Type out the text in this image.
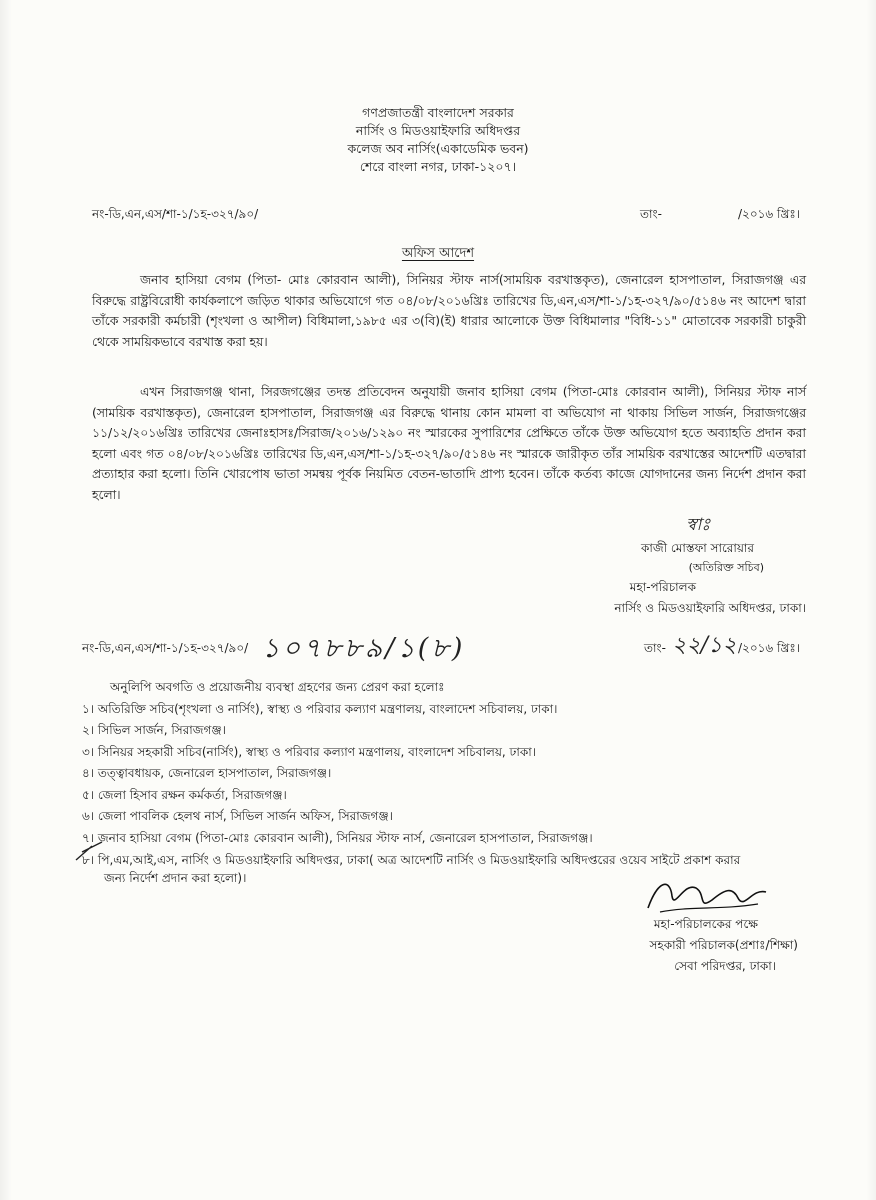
গণপ্রজাতন্ত্রী বাংলাদেশ সরকার
নার্সিং ও মিডওয়াইফারি অধিদপ্তর
কলেজ অব নার্সিং(একাডেমিক ভবন)
শেরে বাংলা নগর, ঢাকা-১২০৭।
নং-ডি,এন,এস/শা-১/১হ-৩২৭/৯০/	তাং-	/২০১৬ খ্রিঃ।
অফিস আদেশ
জনাব হাসিয়া বেগম (পিতা- মোঃ কোরবান আলী), সিনিয়র স্টাফ নার্স(সাময়িক বরখাস্তকৃত), জেনারেল হাসপাতাল, সিরাজগঞ্জ এর বিরুদ্ধে রাষ্ট্রবিরোধী কার্যকলাপে জড়িত থাকার অভিযোগে গত ০৪/০৮/২০১৬খ্রিঃ তারিখের ডি,এন,এস/শা-১/১হ-৩২৭/৯০/৫১৪৬ নং আদেশ দ্বারা তাঁকে সরকারী কর্মচারী (শৃংখলা ও আপীল) বিধিমালা,১৯৮৫ এর ৩(বি)(ই) ধারার আলোকে উক্ত বিধিমালার "বিধি-১১" মোতাবেক সরকারী চাকুরী থেকে সাময়িকভাবে বরখাস্ত করা হয়।
এখন সিরাজগঞ্জ থানা, সিরজগঞ্জের তদন্ত প্রতিবেদন অনুযায়ী জনাব হাসিয়া বেগম (পিতা-মোঃ কোরবান আলী), সিনিয়র স্টাফ নার্স (সাময়িক বরখাস্তকৃত), জেনারেল হাসপাতাল, সিরাজগঞ্জ এর বিরুদ্ধে থানায় কোন মামলা বা অভিযোগ না থাকায় সিভিল সার্জন, সিরাজগঞ্জের ১১/১২/২০১৬খ্রিঃ তারিখের জেনাঃহাসঃ/সিরাজ/২০১৬/১২৯০ নং স্মারকের সুপারিশের প্রেক্ষিতে তাঁকে উক্ত অভিযোগ হতে অব্যাহতি প্রদান করা হলো এবং গত ০৪/০৮/২০১৬খ্রিঃ তারিখের ডি,এন,এস/শা-১/১হ-৩২৭/৯০/৫১৪৬ নং স্মারকে জারীকৃত তাঁর সাময়িক বরখাস্তের আদেশটি এতদ্বারা প্রত্যাহার করা হলো। তিনি খোরপোষ ভাতা সমন্বয় পূর্বক নিয়মিত বেতন-ভাতাদি প্রাপ্য হবেন। তাঁকে কর্তব্য কাজে যোগদানের জন্য নির্দেশ প্রদান করা হলো।
স্বাঃ
কাজী মোস্তফা সারোয়ার
(অতিরিক্ত সচিব)
মহা-পরিচালক
নার্সিং ও মিডওয়াইফারি অধিদপ্তর, ঢাকা।
নং-ডি,এন,এস/শা-১/১হ-৩২৭/৯০/ ১০৭৮৮৯/১(৮)	তাং- ২২/১২ /২০১৬ খ্রিঃ।
অনুলিপি অবগতি ও প্রয়োজনীয় ব্যবস্থা গ্রহণের জন্য প্রেরণ করা হলোঃ
১। অতিরিক্তি সচিব(শৃংখলা ও নার্সিং), স্বাস্থ্য ও পরিবার কল্যাণ মন্ত্রণালয়, বাংলাদেশ সচিবালয়, ঢাকা।
২। সিভিল সার্জন, সিরাজগঞ্জ।
৩। সিনিয়র সহকারী সচিব(নার্সিং), স্বাস্থ্য ও পরিবার কল্যাণ মন্ত্রণালয়, বাংলাদেশ সচিবালয়, ঢাকা।
৪। তত্ত্বাবধায়ক, জেনারেল হাসপাতাল, সিরাজগঞ্জ।
৫। জেলা হিসাব রক্ষন কর্মকর্তা, সিরাজগঞ্জ।
৬। জেলা পাবলিক হেলথ নার্স, সিভিল সার্জন অফিস, সিরাজগঞ্জ।
৭। জনাব হাসিয়া বেগম (পিতা-মোঃ কোরবান আলী), সিনিয়র স্টাফ নার্স, জেনারেল হাসপাতাল, সিরাজগঞ্জ।
৮। পি,এম,আই,এস, নার্সিং ও মিডওয়াইফারি অধিদপ্তর, ঢাকা( অত্র আদেশটি নার্সিং ও মিডওয়াইফারি অধিদপ্তরের ওয়েব সাইটে প্রকাশ করার
জন্য নির্দেশ প্রদান করা হলো)।
মহা-পরিচালকের পক্ষে
সহকারী পরিচালক(প্রশাঃ/শিক্ষা)
সেবা পরিদপ্তর, ঢাকা।
